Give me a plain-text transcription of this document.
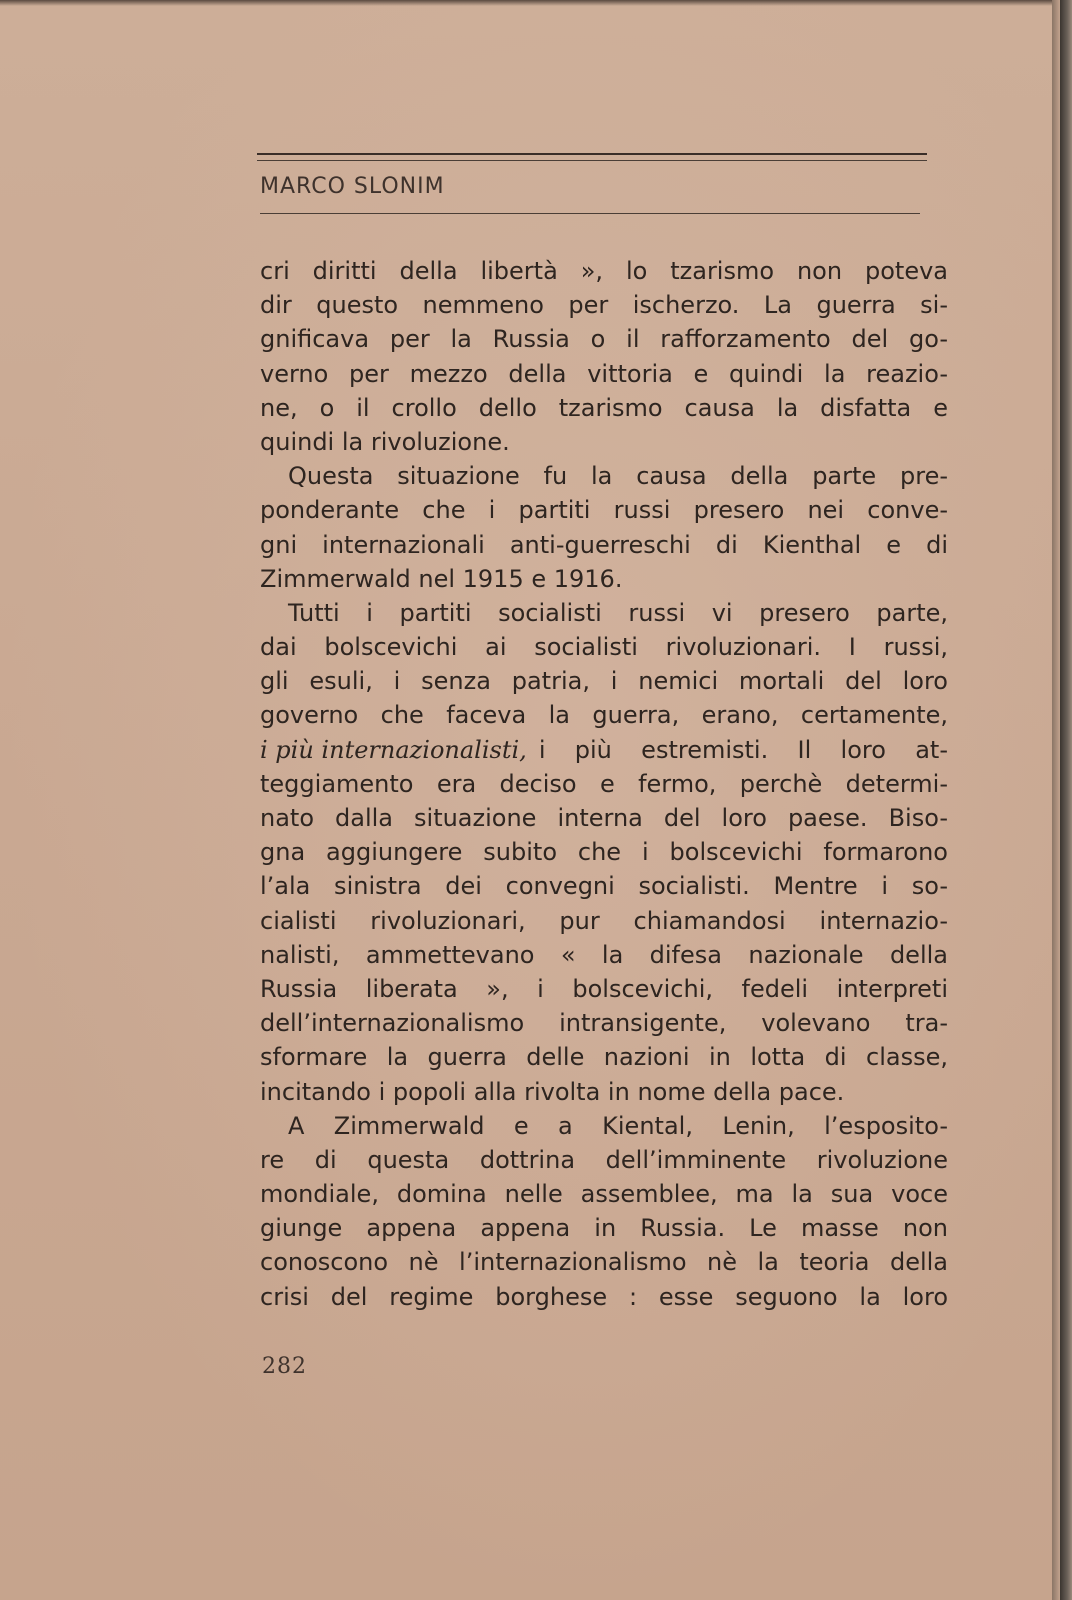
MARCO SLONIM
cri diritti della libertà », lo tzarismo non poteva
dir questo nemmeno per ischerzo. La guerra si-
gnificava per la Russia o il rafforzamento del go-
verno per mezzo della vittoria e quindi la reazio-
ne, o il crollo dello tzarismo causa la disfatta e
quindi la rivoluzione.
Questa situazione fu la causa della parte pre-
ponderante che i partiti russi presero nei conve-
gni internazionali anti-guerreschi di Kienthal e di
Zimmerwald nel 1915 e 1916.
Tutti i partiti socialisti russi vi presero parte,
dai bolscevichi ai socialisti rivoluzionari. I russi,
gli esuli, i senza patria, i nemici mortali del loro
governo che faceva la guerra, erano, certamente,
i più internazionalisti, i più estremisti. Il loro at-
teggiamento era deciso e fermo, perchè determi-
nato dalla situazione interna del loro paese. Biso-
gna aggiungere subito che i bolscevichi formarono
l’ala sinistra dei convegni socialisti. Mentre i so-
cialisti rivoluzionari, pur chiamandosi internazio-
nalisti, ammettevano « la difesa nazionale della
Russia liberata », i bolscevichi, fedeli interpreti
dell’internazionalismo intransigente, volevano tra-
sformare la guerra delle nazioni in lotta di classe,
incitando i popoli alla rivolta in nome della pace.
A Zimmerwald e a Kiental, Lenin, l’esposito-
re di questa dottrina dell’imminente rivoluzione
mondiale, domina nelle assemblee, ma la sua voce
giunge appena appena in Russia. Le masse non
conoscono nè l’internazionalismo nè la teoria della
crisi del regime borghese : esse seguono la loro
282
